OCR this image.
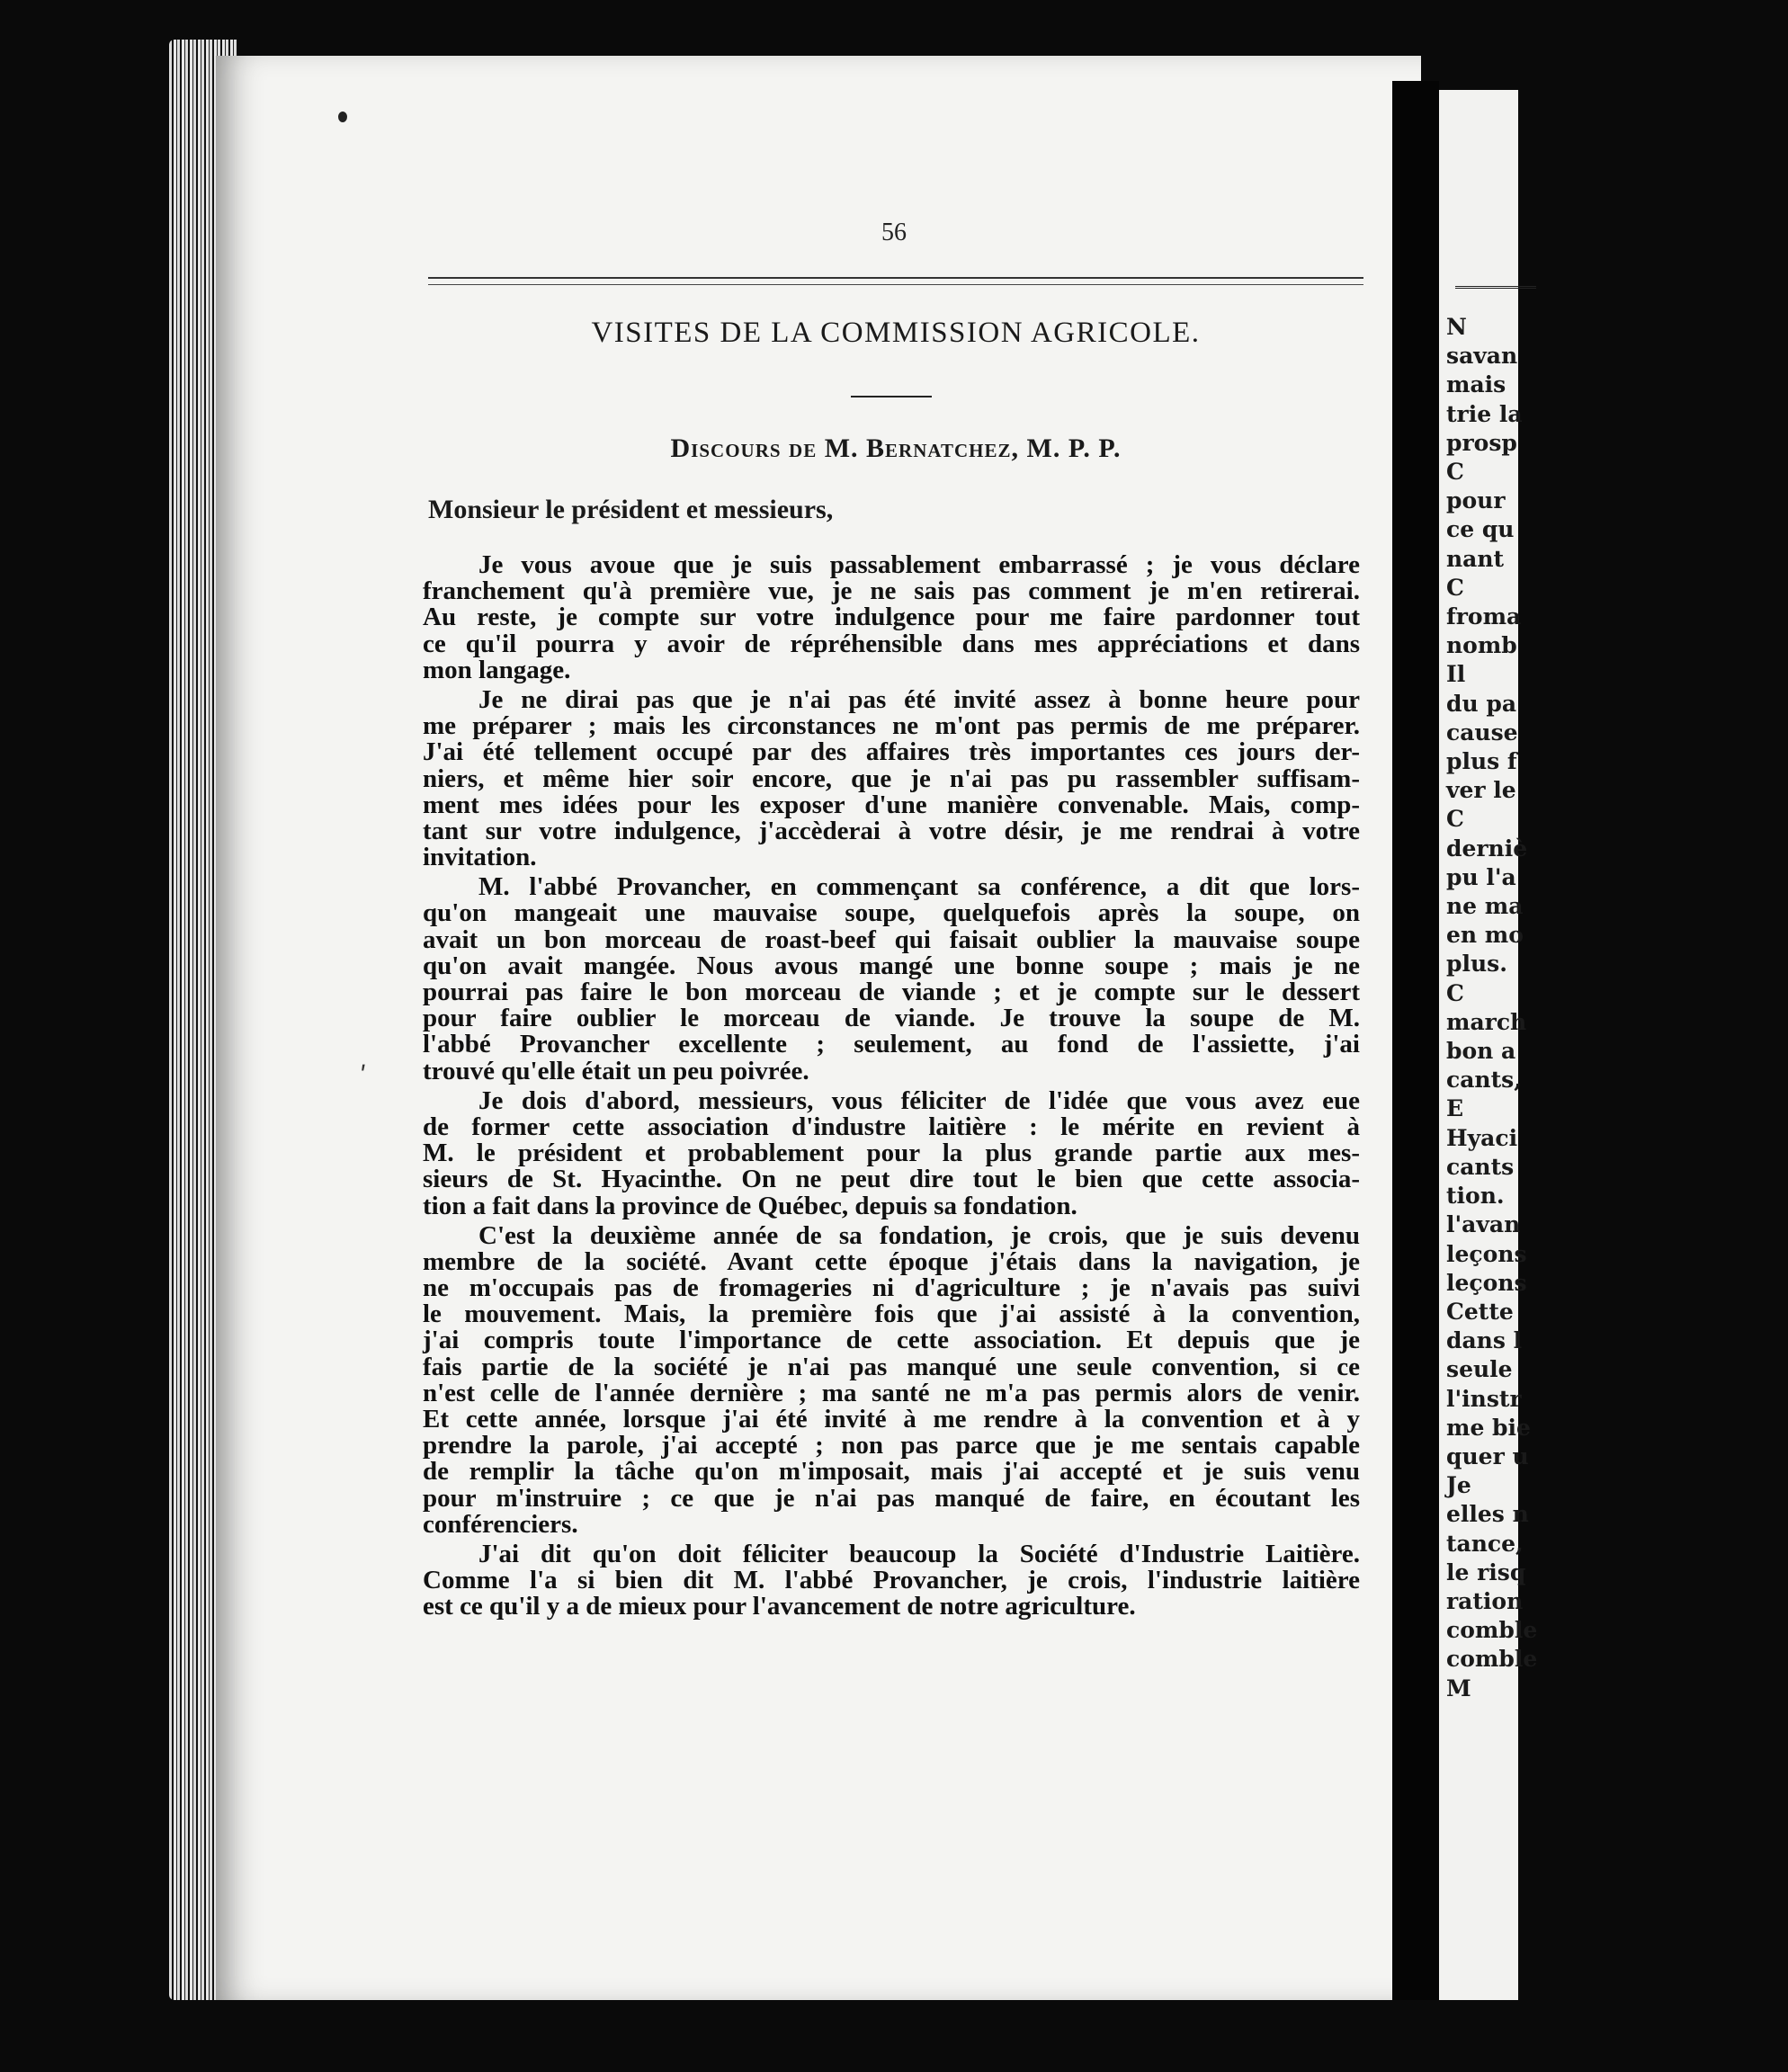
56
VISITES DE LA COMMISSION AGRICOLE.
Discours de M. Bernatchez, M. P. P.
Monsieur le président et messieurs,
ʹ
Je vous avoue que je suis passablement embarrassé ; je vous déclare
franchement qu'à première vue, je ne sais pas comment je m'en retirerai.
Au reste, je compte sur votre indulgence pour me faire pardonner tout
ce qu'il pourra y avoir de répréhensible dans mes appréciations et dans
mon langage.
Je ne dirai pas que je n'ai pas été invité assez à bonne heure pour
me préparer ; mais les circonstances ne m'ont pas permis de me préparer.
J'ai été tellement occupé par des affaires très importantes ces jours der-
niers, et même hier soir encore, que je n'ai pas pu rassembler suffisam-
ment mes idées pour les exposer d'une manière convenable. Mais, comp-
tant sur votre indulgence, j'accèderai à votre désir, je me rendrai à votre
invitation.
M. l'abbé Provancher, en commençant sa conférence, a dit que lors-
qu'on mangeait une mauvaise soupe, quelquefois après la soupe, on
avait un bon morceau de roast-beef qui faisait oublier la mauvaise soupe
qu'on avait mangée. Nous avous mangé une bonne soupe ; mais je ne
pourrai pas faire le bon morceau de viande ; et je compte sur le dessert
pour faire oublier le morceau de viande. Je trouve la soupe de M.
l'abbé Provancher excellente ; seulement, au fond de l'assiette, j'ai
trouvé qu'elle était un peu poivrée.
Je dois d'abord, messieurs, vous féliciter de l'idée que vous avez eue
de former cette association d'industre laitière : le mérite en revient à
M. le président et probablement pour la plus grande partie aux mes-
sieurs de St. Hyacinthe. On ne peut dire tout le bien que cette associa-
tion a fait dans la province de Québec, depuis sa fondation.
C'est la deuxième année de sa fondation, je crois, que je suis devenu
membre de la société. Avant cette époque j'étais dans la navigation, je
ne m'occupais pas de fromageries ni d'agriculture ; je n'avais pas suivi
le mouvement. Mais, la première fois que j'ai assisté à la convention,
j'ai compris toute l'importance de cette association. Et depuis que je
fais partie de la société je n'ai pas manqué une seule convention, si ce
n'est celle de l'année dernière ; ma santé ne m'a pas permis alors de venir.
Et cette année, lorsque j'ai été invité à me rendre à la convention et à y
prendre la parole, j'ai accepté ; non pas parce que je me sentais capable
de remplir la tâche qu'on m'imposait, mais j'ai accepté et je suis venu
pour m'instruire ; ce que je n'ai pas manqué de faire, en écoutant les
conférenciers.
J'ai dit qu'on doit féliciter beaucoup la Société d'Industrie Laitière.
Comme l'a si bien dit M. l'abbé Provancher, je crois, l'industrie laitière
est ce qu'il y a de mieux pour l'avancement de notre agriculture.
N
savan
mais
trie la
prosp
C
pour
ce qu
nant
C
froma
nomb
Il
du pa
cause
plus f
ver le
C
derniè
pu l'a
ne ma
en mo
plus.
C
march
bon a
cants,
E
Hyaci
cants
tion.
l'avan
leçons
leçons
Cette
dans l
seule
l'instr
me bie
quer u
Je
elles n
tance,
le risq
ration
comble
comble
M
